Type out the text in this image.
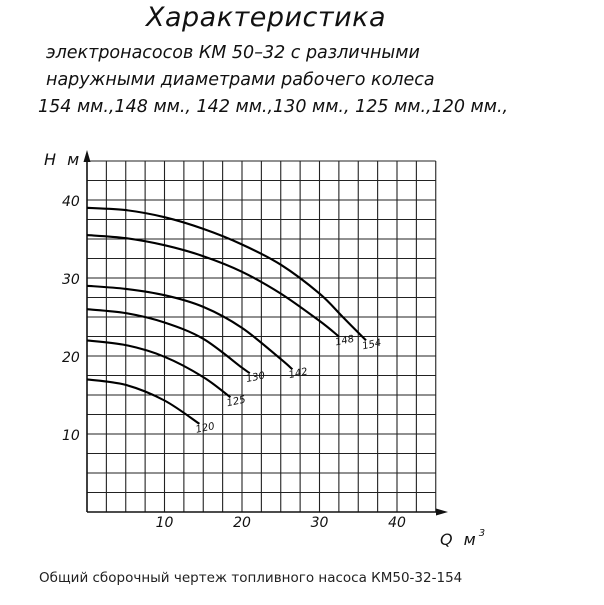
Характеристика
электронасосов КМ 50–32 с различными
наружными диаметрами рабочего колеса
154 мм.,148 мм., 142 мм.,130 мм., 125 мм.,120 мм.,
10
20
30
40
10	20	30	40
154
148
142
130
125
120
Н м
Q $м^3$
Общий сборочный чертеж топливного насоса КМ50-32-154
